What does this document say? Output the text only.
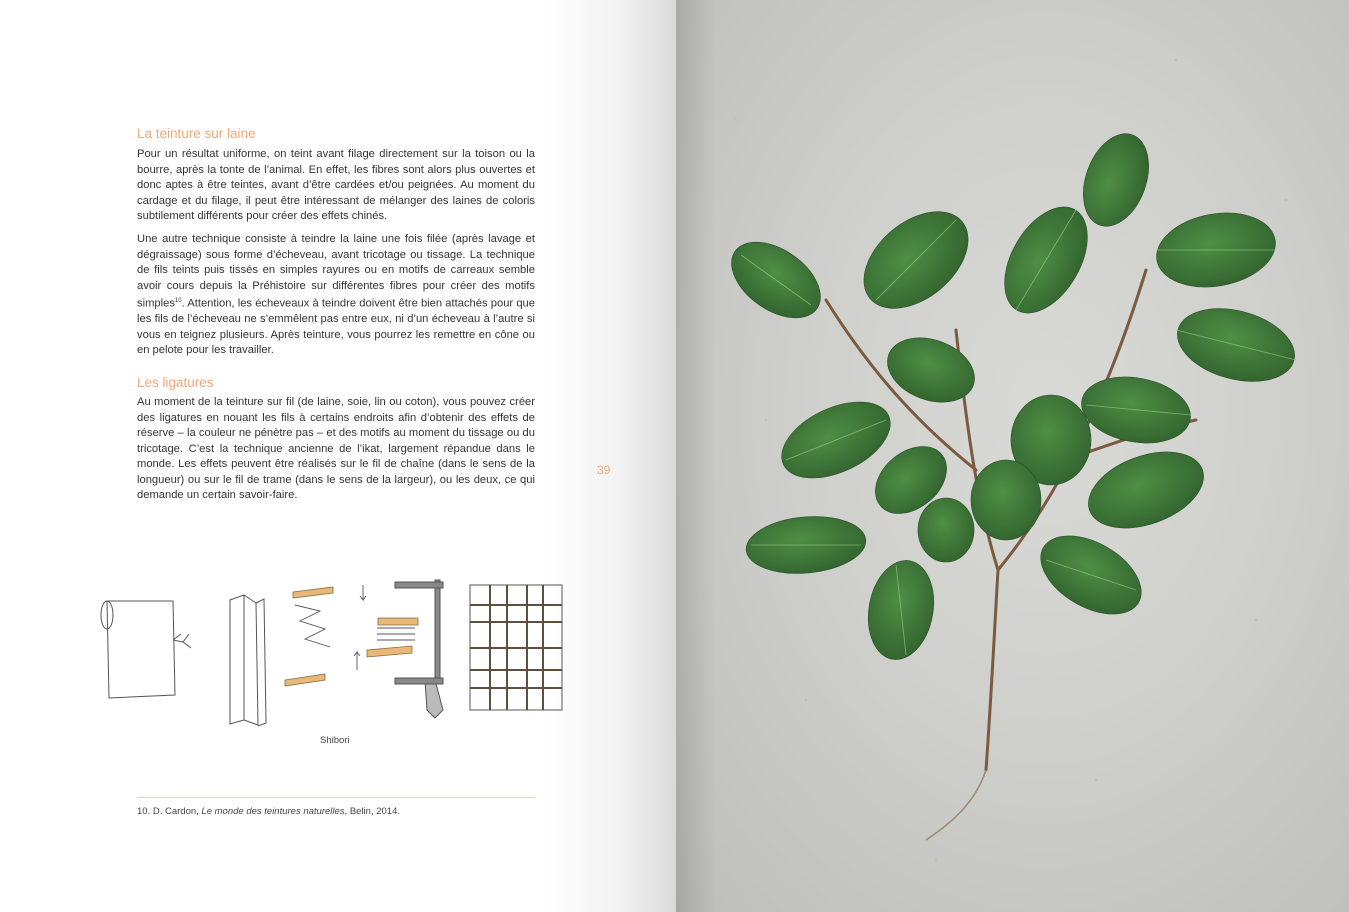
La teinture sur laine

Pour un résultat uniforme, on teint avant filage directement sur la toison ou la bourre, après la tonte de l’animal. En effet, les fibres sont alors plus ouvertes et donc aptes à être teintes, avant d’être cardées et/ou peignées. Au moment du cardage et du filage, il peut être intéressant de mélanger des laines de coloris subtilement différents pour créer des effets chinés.

Une autre technique consiste à teindre la laine une fois filée (après lavage et dégraissage) sous forme d’écheveau, avant tricotage ou tissage. La technique de fils teints puis tissés en simples rayures ou en motifs de carreaux semble avoir cours depuis la Préhistoire sur différentes fibres pour créer des motifs simples$^{10}$. Attention, les écheveaux à teindre doivent être bien attachés pour que les fils de l’écheveau ne s’emmêlent pas entre eux, ni d’un écheveau à l’autre si vous en teignez plusieurs. Après teinture, vous pourrez les remettre en cône ou en pelote pour les travailler.

Les ligatures

Au moment de la teinture sur fil (de laine, soie, lin ou coton), vous pouvez créer des ligatures en nouant les fils à certains endroits afin d’obtenir des effets de réserve – la couleur ne pénètre pas – et des motifs au moment du tissage ou du tricotage. C’est la technique ancienne de l’ikat, largement répandue dans le monde. Les effets peuvent être réalisés sur le fil de chaîne (dans le sens de la longueur) ou sur le fil de trame (dans le sens de la largeur), ou les deux, ce qui demande un certain savoir-faire.

39
Shibori
10. D. Cardon, Le monde des teintures naturelles, Belin, 2014.
